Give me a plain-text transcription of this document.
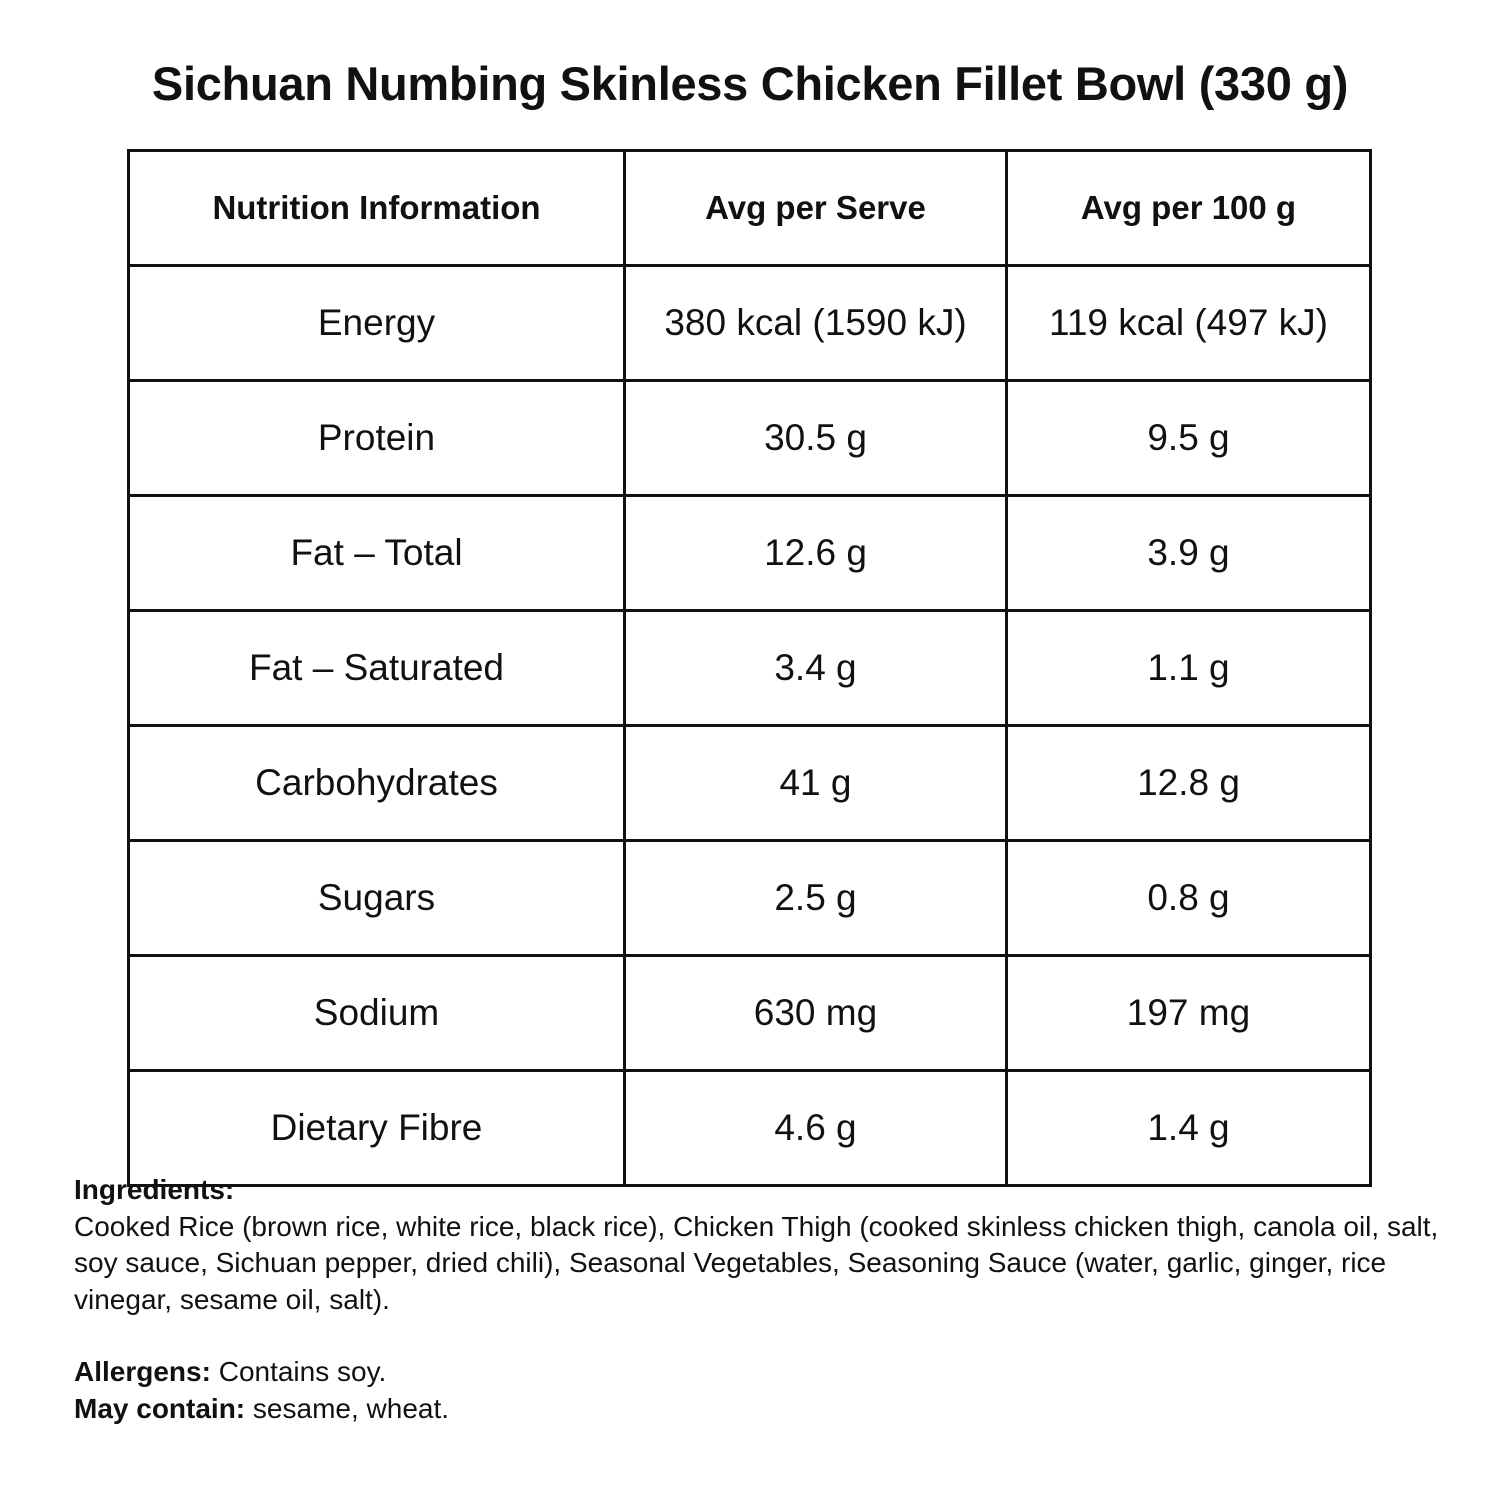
Sichuan Numbing Skinless Chicken Fillet Bowl (330 g)
Nutrition Information	Avg per Serve	Avg per 100 g
Energy	380 kcal (1590 kJ)	119 kcal (497 kJ)
Protein	30.5 g	9.5 g
Fat – Total	12.6 g	3.9 g
Fat – Saturated	3.4 g	1.1 g
Carbohydrates	41 g	12.8 g
Sugars	2.5 g	0.8 g
Sodium	630 mg	197 mg
Dietary Fibre	4.6 g	1.4 g

Ingredients:

Cooked Rice (brown rice, white rice, black rice), Chicken Thigh (cooked skinless chicken thigh, canola oil, salt, soy sauce, Sichuan pepper, dried chili), Seasonal Vegetables, Seasoning Sauce (water, garlic, ginger, rice vinegar, sesame oil, salt).

Allergens: Contains soy.

May contain: sesame, wheat.
